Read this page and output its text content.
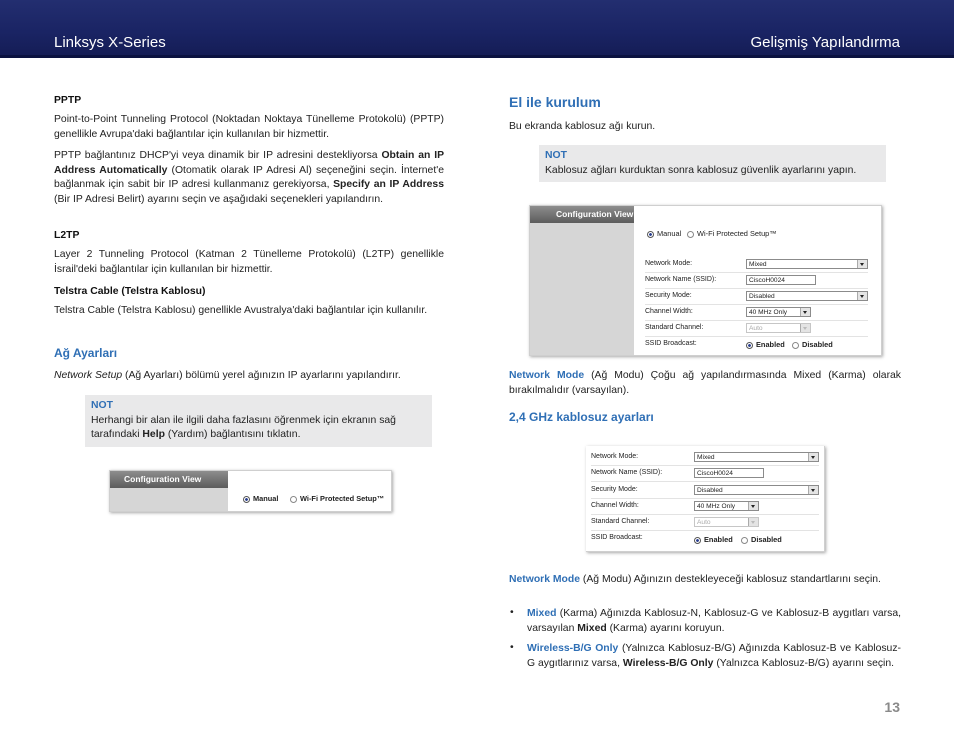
Linksys X-Series	Gelişmiş Yapılandırma
PPTP
Point-to-Point Tunneling Protocol (Noktadan Noktaya Tünelleme Protokolü) (PPTP) genellikle Avrupa'daki bağlantılar için kullanılan bir hizmettir.
PPTP bağlantınız DHCP'yi veya dinamik bir IP adresini destekliyorsa Obtain an IP Address Automatically (Otomatik olarak IP Adresi Al) seçeneğini seçin. İnternet'e bağlanmak için sabit bir IP adresi kullanmanız gerekiyorsa, Specify an IP Address (Bir IP Adresi Belirt) ayarını seçin ve aşağıdaki seçenekleri yapılandırın.
L2TP
Layer 2 Tunneling Protocol (Katman 2 Tünelleme Protokolü) (L2TP) genellikle İsrail'deki bağlantılar için kullanılan bir hizmettir.
Telstra Cable (Telstra Kablosu)
Telstra Cable (Telstra Kablosu) genellikle Avustralya'daki bağlantılar için kullanılır.
Ağ Ayarları
Network Setup (Ağ Ayarları) bölümü yerel ağınızın IP ayarlarını yapılandırır.
NOT
Herhangi bir alan ile ilgili daha fazlasını öğrenmek için ekranın sağ tarafındaki Help (Yardım) bağlantısını tıklatın.
Configuration View
Manual	Wi-Fi Protected Setup™
El ile kurulum
Bu ekranda kablosuz ağı kurun.
NOT
Kablosuz ağları kurduktan sonra kablosuz güvenlik ayarlarını yapın.
Configuration View
Manual	Wi-Fi Protected Setup™
Network Mode:	Mixed
Network Name (SSID):	CiscoH0024
Security Mode:	Disabled
Channel Width:	40 MHz Only
Standard Channel:	Auto
SSID Broadcast:	Enabled	Disabled
Network Mode (Ağ Modu) Çoğu ağ yapılandırmasında Mixed (Karma) olarak bırakılmalıdır (varsayılan).
2,4 GHz kablosuz ayarları
Network Mode:	Mixed
Network Name (SSID):	CiscoH0024
Security Mode:	Disabled
Channel Width:	40 MHz Only
Standard Channel:	Auto
SSID Broadcast:	Enabled	Disabled
Network Mode (Ağ Modu) Ağınızın destekleyeceği kablosuz standartlarını seçin.
• Mixed (Karma) Ağınızda Kablosuz-N, Kablosuz-G ve Kablosuz-B aygıtları varsa, varsayılan Mixed (Karma) ayarını koruyun.
• Wireless-B/G Only (Yalnızca Kablosuz-B/G) Ağınızda Kablosuz-B ve Kablosuz-G aygıtlarınız varsa, Wireless-B/G Only (Yalnızca Kablosuz-B/G) ayarını seçin.
13
